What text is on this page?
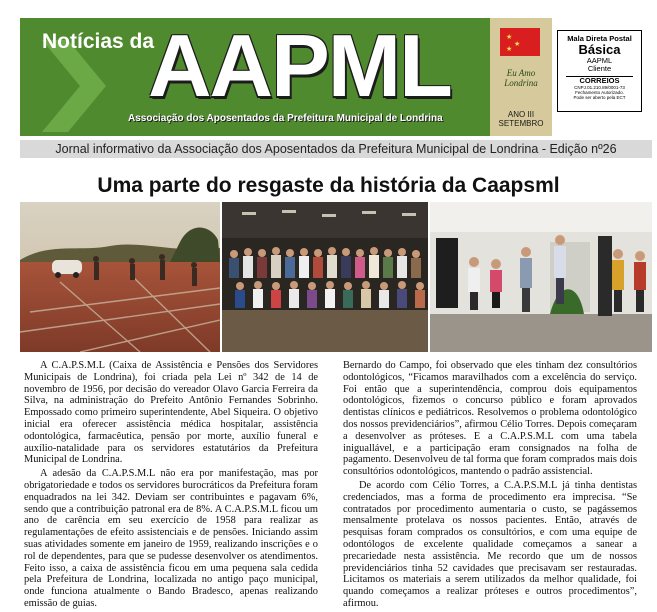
Notícias da
AAPML
Associação dos Aposentados da Prefeitura Municipal de Londrina
★
★
★
Eu Amo
Londrina
ANO III
SETEMBRO
Mala Direta Postal
Básica
AAPML
Cliente
CORREIOS
CNPJ.01.210.89/0001-73
Fechamento Autorizado.
Pode ser aberto pela ECT
Jornal informativo da Associação dos Aposentados da Prefeitura Municipal de Londrina - Edição nº26
Uma parte do resgaste da história da Caapsml

A C.A.P.S.M.L (Caixa de Assistência e Pensões dos Servidores Municipais de Londrina), foi criada pela Lei nº 342 de 14 de novembro de 1956, por decisão do vereador Olavo Garcia Ferreira da Silva, na administração do Prefeito Antônio Fernandes Sobrinho. Empossado como primeiro superintendente, Abel Siqueira. O objetivo inicial era oferecer assistência médica hospitalar, assistência odontológica, farmacêutica, pensão por morte, auxílio funeral e auxílio-natalidade para os servidores estatutários da Prefeitura Municipal de Londrina.

A adesão da C.A.P.S.M.L não era por manifestação, mas por obrigatoriedade e todos os servidores burocráticos da Prefeitura foram enquadrados na lei 342. Deviam ser contribuintes e pagavam 6%, sendo que a contribuição patronal era de 8%. A C.A.P.S.M.L ficou um ano de carência em seu exercício de 1958 para realizar as regulamentações de efeito assistenciais e de pensões. Iniciando assim suas atividades somente em janeiro de 1959, realizando inscrições e o rol de dependentes, para que se pudesse desenvolver os atendimentos. Feito isso, a caixa de assistência ficou em uma pequena sala cedida pela Prefeitura de Londrina, localizada no antigo paço municipal, onde funciona atualmente o Bando Bradesco, apenas realizando emissão de guias.

Bernardo do Campo, foi observado que eles tinham dez consultórios odontológicos, “Ficamos maravilhados com a excelência do serviço. Foi então que a superintendência, comprou dois equipamentos odontológicos, fizemos o concurso público e foram aprovados dentistas clínicos e pediátricos. Resolvemos o problema odontológico dos nossos previdenciários”, afirmou Célio Torres. Depois começaram a desenvolver as próteses. E a C.A.P.S.M.L com uma tabela iniguallável, e a participação eram consignados na folha de pagamento. Desenvolveu de tal forma que foram comprados mais dois consultórios odontológicos, mantendo o padrão assistencial.

De acordo com Célio Torres, a C.A.P.S.M.L já tinha dentistas credenciados, mas a forma de procedimento era imprecisa. “Se contratados por procedimento aumentaria o custo, se pagássemos mensalmente protelava os nossos pacientes. Então, através de pesquisas foram comprados os consultórios, e com uma equipe de odontólogos de excelente qualidade começamos a sanear a precariedade nesta assistência. Me recordo que um de nossos previdenciários tinha 52 cavidades que precisavam ser restauradas. Licitamos os materiais a serem utilizados da melhor qualidade, foi quando começamos a realizar próteses e outros procedimentos”, afirmou.
